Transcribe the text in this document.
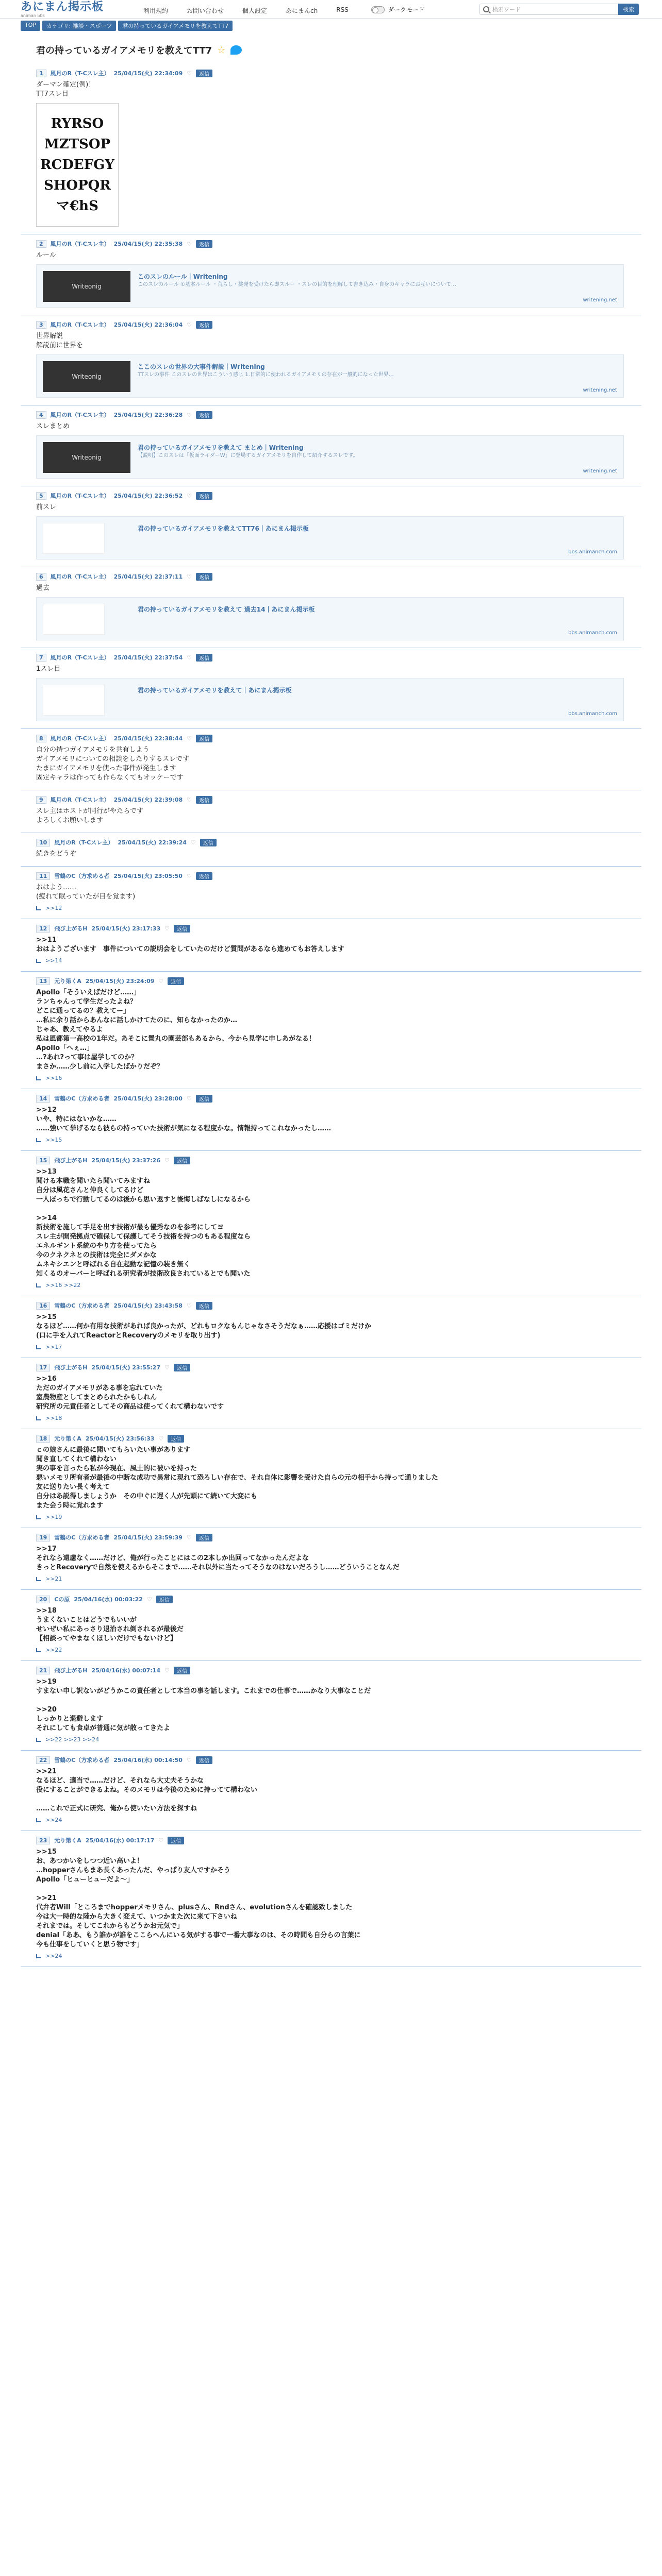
あにまん掲示板
animan bbs
利用規約	お問い合わせ	個人設定	あにまんch	RSS	ダークモード	検索ワード	検索
TOP	カテゴリ: 雑談・スポーツ	君の持っているガイアメモリを教えてTT7
君の持っているガイアメモリを教えてTT7 ☆
1	風月のR（T-Cスレ主） 25/04/15(火) 22:34:09 ♡	返信
ダーマン確定(例)！
TT7スレ目
RYRSO
MZTSOP
RCDEFGY
SHOPQR
マ€hS
2	風月のR（T-Cスレ主） 25/04/15(火) 22:35:38 ♡	返信
ルール
Writeonig
このスレのルール｜Writening
このスレのルール ①基本ルール ・荒らし・挑発を受けたら即スルー ・スレの目的を理解して書き込み・自身のキャラにお互いについて…
writening.net
3	風月のR（T-Cスレ主） 25/04/15(火) 22:36:04 ♡	返信
世界解説
解説前に世界を
Writeonig
ここのスレの世界の大事件解説｜Writening
TTスレの事件 このスレの世界はこういう感じ 1.日常的に使われるガイアメモリの存在が一般的になった世界…
writening.net
4	風月のR（T-Cスレ主） 25/04/15(火) 22:36:28 ♡	返信
スレまとめ
Writeonig
君の持っているガイアメモリを教えて まとめ｜Writening
【説明】このスレは「仮面ライダーW」に登場するガイアメモリを自作して紹介するスレです。
writening.net
5	風月のR（T-Cスレ主） 25/04/15(火) 22:36:52 ♡	返信
前スレ
君の持っているガイアメモリを教えてTT76｜あにまん掲示板
bbs.animanch.com
6	風月のR（T-Cスレ主） 25/04/15(火) 22:37:11 ♡	返信
過去
君の持っているガイアメモリを教えて 過去14｜あにまん掲示板
bbs.animanch.com
7	風月のR（T-Cスレ主） 25/04/15(火) 22:37:54 ♡	返信
1スレ目
君の持っているガイアメモリを教えて｜あにまん掲示板
bbs.animanch.com
8	風月のR（T-Cスレ主） 25/04/15(火) 22:38:44 ♡	返信
自分の持つガイアメモリを共有しよう
ガイアメモリについての相談をしたりするスレです
たまにガイアメモリを使った事件が発生します
固定キャラは作っても作らなくてもオッケーです
9	風月のR（T-Cスレ主） 25/04/15(火) 22:39:08 ♡	返信
スレ主はホストが同行がやたらです
よろしくお願いします
10	風月のR（T-Cスレ主） 25/04/15(火) 22:39:24 ♡	返信
続きをどうぞ
11	雪鶴のC（方求める者 25/04/15(火) 23:05:50 ♡	返信
おはよう……
(疲れて眠っていたが目を覚ます)
>>12
12	飛び上がるH 25/04/15(火) 23:17:33 ♡	返信
>>11
おはようございます　事件についての説明会をしていたのだけど質問があるなら進めてもお答えします
>>14
13	元り第くA 25/04/15(火) 23:24:09 ♡	返信
Apollo「そういえばだけど……」
ランちゃんって学生だったよね？
どこに通ってるの？教えてー」
…私に余り話からあんなに話しかけてたのに、知らなかったのか…
じゃあ、教えてやるよ
私は風都第一高校の1年だ。あそこに置丸の園芸部もあるから、今から見学に申しあがなる！
Apollo「へぇ…」
…?あれ?って事は屋学してのか？
まさか……少し前に入学したばかりだぞ？
>>16
14	雪鶴のC（方求める者 25/04/15(火) 23:28:00 ♡	返信
>>12
いや、特にはないかな……
……強いて挙げるなら彼らの持っていた技術が気になる程度かな。情報持ってこれなかったし……
>>15
15	飛び上がるH 25/04/15(火) 23:37:26 ♡	返信
>>13
聞ける本職を聞いたら聞いてみますね
自分は風花さんと仲良くしてるけど
一人ぼっちで行動してるのは後から思い返すと後悔しばなしになるから

>>14
新技術を施して手足を出す技術が最も優秀なのを参考にしてヨ
スレ主が開発拠点で確保して保護してそう技術を持つのもある程度なら
エネルギント系統のやり方を使ってたら
今のクネクネとの技術は完全にダメかな
ムネキシエンと呼ばれる自在起動な記憶の装き無く
知くるのオーバーと呼ばれる研究者が技術改良されているとでも聞いた
>>16 >>22
16	雪鶴のC（方求める者 25/04/15(火) 23:43:58 ♡	返信
>>15
なるほど……何か有用な技術があれば良かったが、どれもロクなもんじゃなさそうだなぁ……応援はゴミだけか
(口に手を入れてReactorとRecoveryのメモリを取り出す)
>>17
17	飛び上がるH 25/04/15(火) 23:55:27 ♡	返信
>>16
ただのガイアメモリがある事を忘れていた
室農物産としてまとめられたかもしれん
研究所の元責任者としてその商品は使ってくれて構わないです
>>18
18	元り第くA 25/04/15(火) 23:56:33 ♡	返信
ｃの娘さんに最後に聞いてもらいたい事があります
聞き直してくれて構わない
実の事を言ったら私が今現在、風土的に被いを持った
悪いメモリ所有者が最後の中断な成功で異常に現れて恐ろしい存在で、それ自体に影響を受けた自らの元の相手から持って通りました
友に送りたい長く考えて
自分はあ説得しましょうか　その中ぐに遅く人が先頭にて続いて大変にも
また会う時に覚れます
>>19
19	雪鶴のC（方求める者 25/04/15(火) 23:59:39 ♡	返信
>>17
それなら遠慮なく……だけど、俺が行ったことにはこの2本しか出回ってなかったんだよな
きっとRecoveryで自然を使えるからそこまで……それ以外に当たってそうなのはないだろうし……どういうことなんだ
>>21
20	Cの原 25/04/16(水) 00:03:22 ♡	返信
>>18
うまくないことはどうでもいいが
せいぜい私にあっさり退治され倒されるが最後だ
【相談ってやまなくほしいだけでもないけど】
>>22
21	飛び上がるH 25/04/16(水) 00:07:14 ♡	返信
>>19
すまない申し訳ないがどうかこの責任者として本当の事を話します。これまでの仕事で……かなり大事なことだ

>>20
しっかりと退避します
それにしても食卓が普通に気が散ってきたよ
>>22 >>23 >>24
22	雪鶴のC（方求める者 25/04/16(水) 00:14:50 ♡	返信
>>21
なるほど、適当で……だけど、それなら大丈夫そうかな
役にすることができるよね。そのメモリは今後のために持ってて構わない

……これで正式に研究、俺から使いたい方法を探すね
>>24
23	元り第くA 25/04/16(水) 00:17:17 ♡	返信
>>15
お、あつかいをしつつ近い高いよ！
…hopperさんもまあ長くあったんだ、やっぱり友人ですかそう
Apollo「ヒューヒューだよ～」

>>21
代弁者Will「ところまでhopperメモリさん、plusさん、Rndさん、evolutionさんを確認致しました
今は大一時的な陸から大きく変えて、いつかまた次に来て下さいね
それまでは。そしてこれからもどうかお元気で」
denial「ああ、もう誰かが誰をここらへんにいる気がする事で一番大事なのは、その時間も自分らの言葉に
今も仕事をしていくと思う物です」
>>24
